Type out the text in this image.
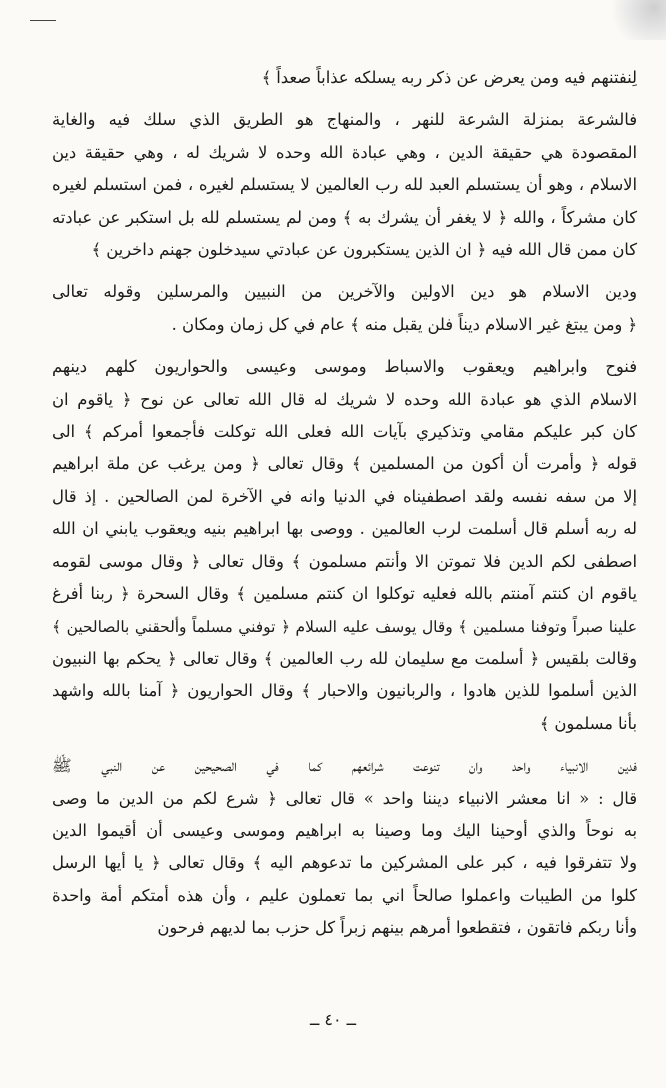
لِنفتنهم فيه ومن يعرض عن ذكر ربه يسلكه عذاباً صعداً ﴾
فالشرعة بمنزلة الشرعة للنهر ، والمنهاج هو الطريق الذي سلك فيه والغاية
المقصودة هي حقيقة الدين ، وهي عبادة الله وحده لا شريك له ، وهي حقيقة دين
الاسلام ، وهو أن يستسلم العبد لله رب العالمين لا يستسلم لغيره ، فمن استسلم لغيره
كان مشركاً ، والله ﴿ لا يغفر أن يشرك به ﴾ ومن لم يستسلم لله بل استكبر عن عبادته
كان ممن قال الله فيه ﴿ ان الذين يستكبرون عن عبادتي سيدخلون جهنم داخرين ﴾
ودين الاسلام هو دين الاولين والآخرين من النبيين والمرسلين وقوله تعالى
﴿ ومن يبتغ غير الاسلام ديناً فلن يقبل منه ﴾ عام في كل زمان ومكان .
فنوح وابراهيم ويعقوب والاسباط وموسى وعيسى والحواريون كلهم دينهم
الاسلام الذي هو عبادة الله وحده لا شريك له قال الله تعالى عن نوح ﴿ ياقوم ان
كان كبر عليكم مقامي وتذكيري بآيات الله فعلى الله توكلت فأجمعوا أمركم ﴾ الى
قوله ﴿ وأمرت أن أكون من المسلمين ﴾ وقال تعالى ﴿ ومن يرغب عن ملة ابراهيم
إلا من سفه نفسه ولقد اصطفيناه في الدنيا وانه في الآخرة لمن الصالحين . إذ قال
له ربه أسلم قال أسلمت لرب العالمين . ووصى بها ابراهيم بنيه ويعقوب يابني ان الله
اصطفى لكم الدين فلا تموتن الا وأنتم مسلمون ﴾ وقال تعالى ﴿ وقال موسى لقومه
ياقوم ان كنتم آمنتم بالله فعليه توكلوا ان كنتم مسلمين ﴾ وقال السحرة ﴿ ربنا أفرغ
علينا صبراً وتوفنا مسلمين ﴾ وقال يوسف عليه السلام ﴿ توفني مسلماً وألحقني بالصالحين ﴾
وقالت بلقيس ﴿ أسلمت مع سليمان لله رب العالمين ﴾ وقال تعالى ﴿ يحكم بها النبيون
الذين أسلموا للذين هادوا ، والربانيون والاحبار ﴾ وقال الحواريون ﴿ آمنا بالله واشهد
بأنا مسلمون ﴾
فدين الانبياء واحد وان تنوعت شرائعهم كما في الصحيحين عن النبي ﷺ
قال : « انا معشر الانبياء ديننا واحد » قال تعالى ﴿ شرع لكم من الدين ما وصى
به نوحاً والذي أوحينا اليك وما وصينا به ابراهيم وموسى وعيسى أن أقيموا الدين
ولا تتفرقوا فيه ، كبر على المشركين ما تدعوهم اليه ﴾ وقال تعالى ﴿ يا أيها الرسل
كلوا من الطيبات واعملوا صالحاً اني بما تعملون عليم ، وأن هذه أمتكم أمة واحدة
وأنا ربكم فاتقون ، فتقطعوا أمرهم بينهم زبراً كل حزب بما لديهم فرحون
ــ ٤٠ ــ
